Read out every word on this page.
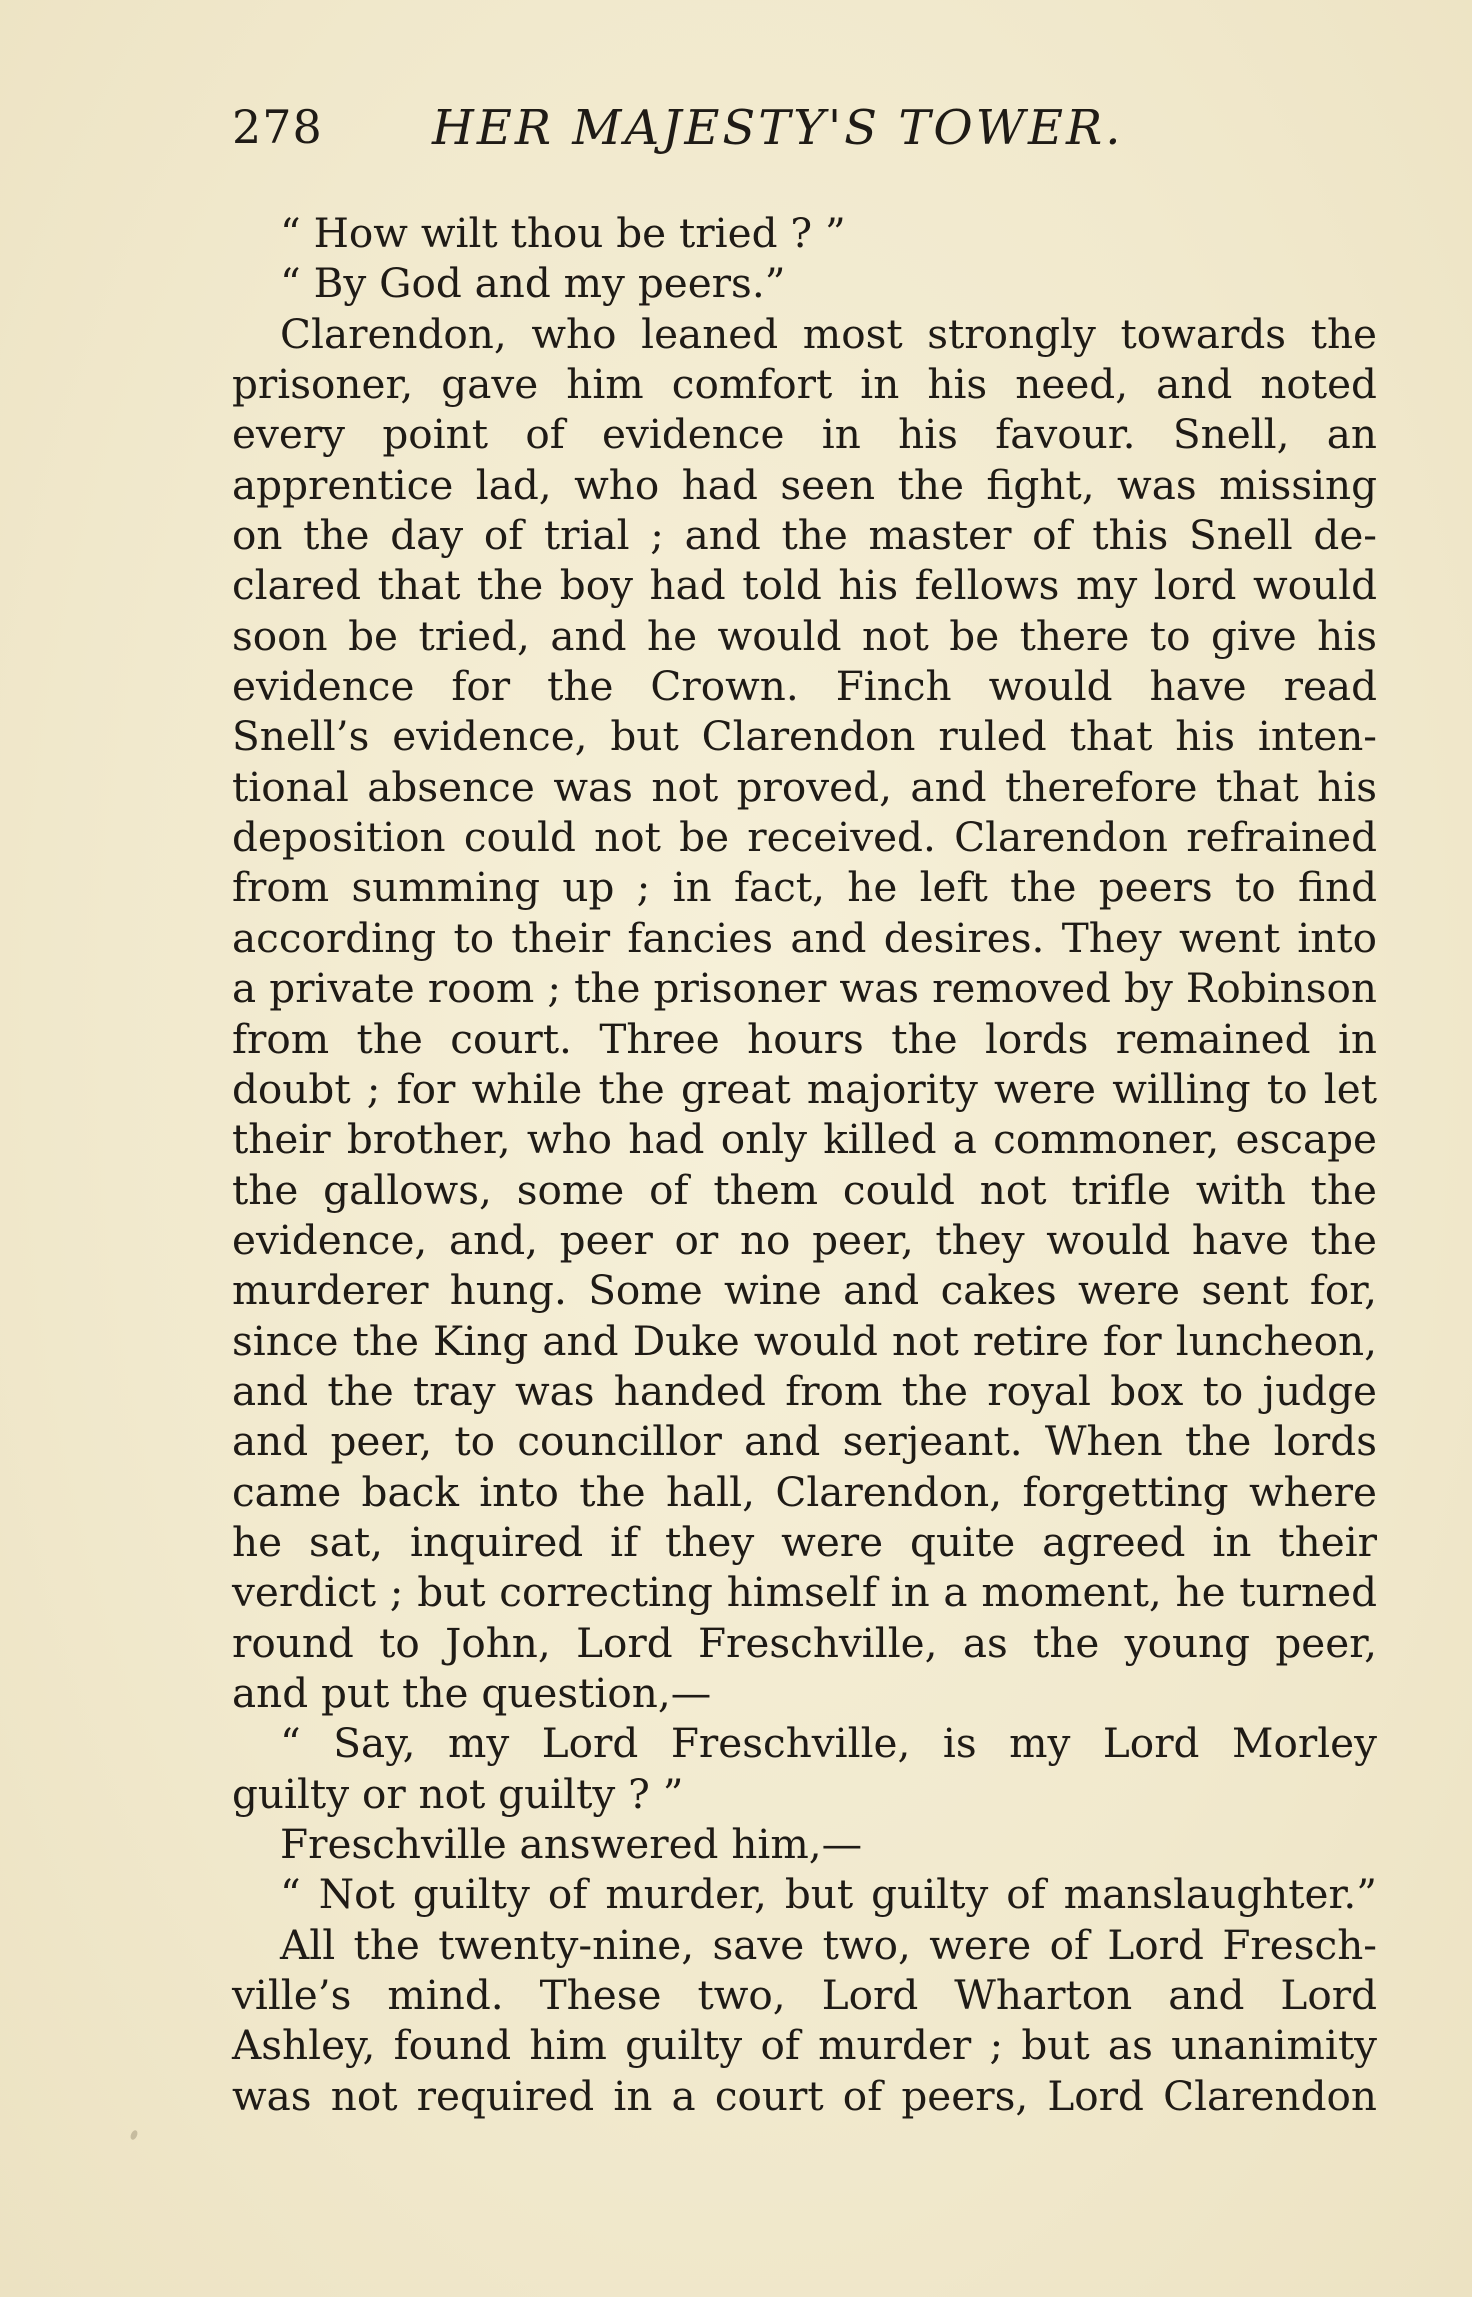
278 HER MAJESTY'S TOWER.
“ How wilt thou be tried ? ”
“ By God and my peers.”
Clarendon, who leaned most strongly towards the
prisoner, gave him comfort in his need, and noted
every point of evidence in his favour. Snell, an
apprentice lad, who had seen the fight, was missing
on the day of trial ; and the master of this Snell de-
clared that the boy had told his fellows my lord would
soon be tried, and he would not be there to give his
evidence for the Crown. Finch would have read
Snell’s evidence, but Clarendon ruled that his inten-
tional absence was not proved, and therefore that his
deposition could not be received. Clarendon refrained
from summing up ; in fact, he left the peers to find
according to their fancies and desires. They went into
a private room ; the prisoner was removed by Robinson
from the court. Three hours the lords remained in
doubt ; for while the great majority were willing to let
their brother, who had only killed a commoner, escape
the gallows, some of them could not trifle with the
evidence, and, peer or no peer, they would have the
murderer hung. Some wine and cakes were sent for,
since the King and Duke would not retire for luncheon,
and the tray was handed from the royal box to judge
and peer, to councillor and serjeant. When the lords
came back into the hall, Clarendon, forgetting where
he sat, inquired if they were quite agreed in their
verdict ; but correcting himself in a moment, he turned
round to John, Lord Freschville, as the young peer,
and put the question,—
“ Say, my Lord Freschville, is my Lord Morley
guilty or not guilty ? ”
Freschville answered him,—
“ Not guilty of murder, but guilty of manslaughter.”
All the twenty-nine, save two, were of Lord Fresch-
ville’s mind. These two, Lord Wharton and Lord
Ashley, found him guilty of murder ; but as unanimity
was not required in a court of peers, Lord Clarendon
